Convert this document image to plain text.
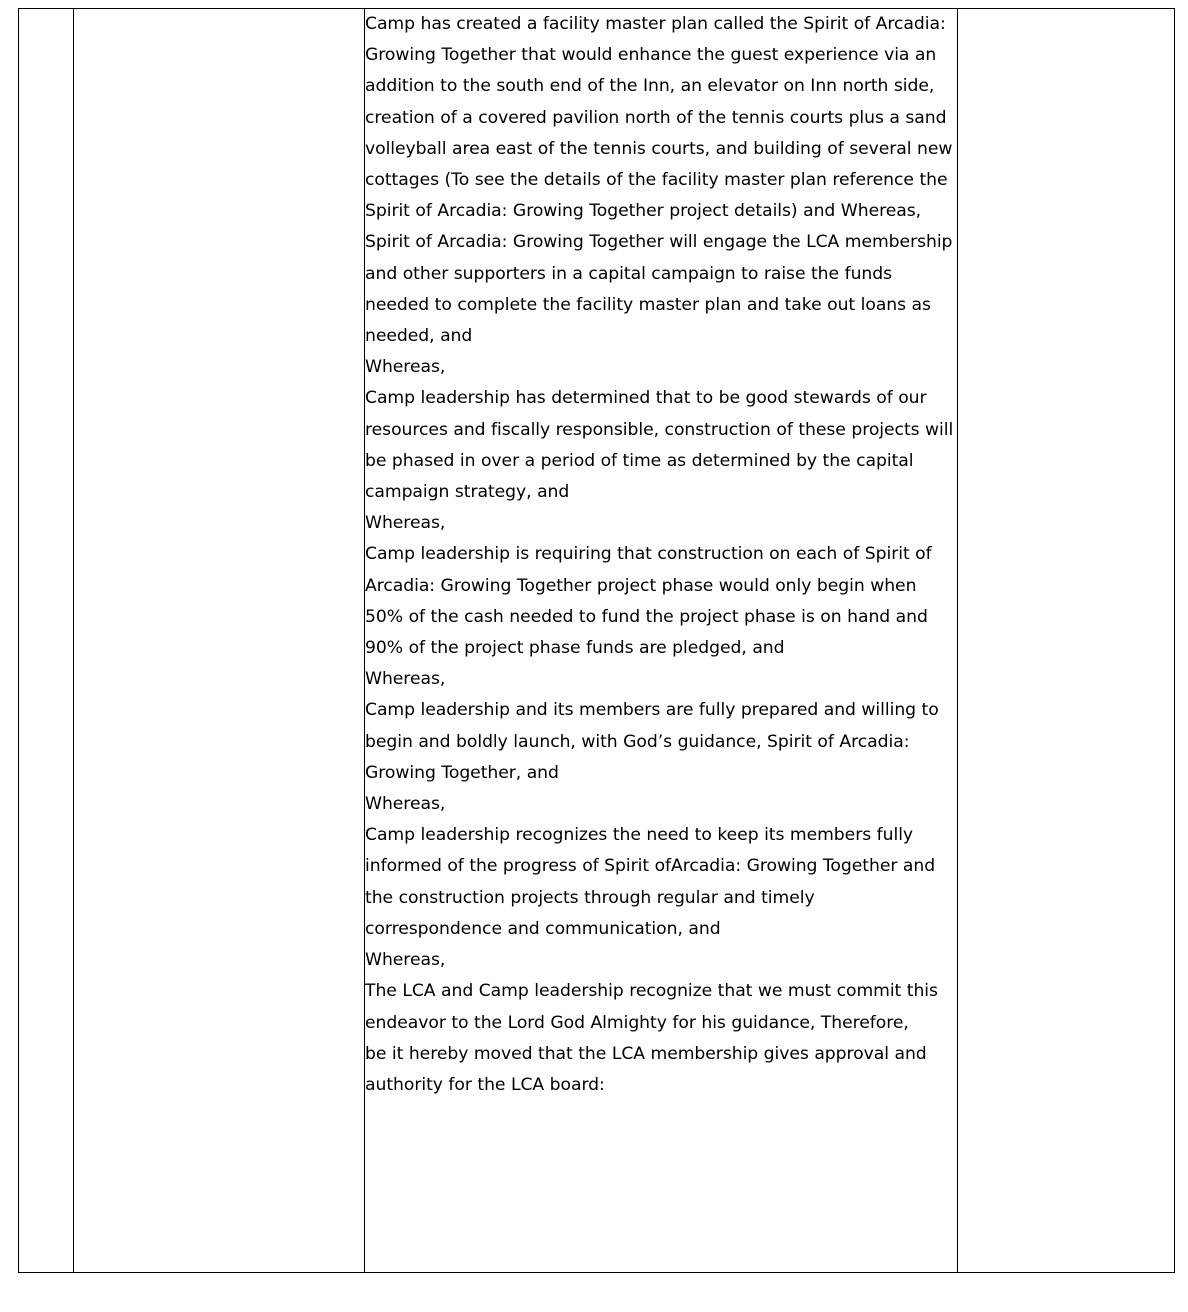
Camp has created a facility master plan called the Spirit of Arcadia: Growing Together that would enhance the guest experience via an addition to the south end of the Inn, an elevator on Inn north side, creation of a covered pavilion north of the tennis courts plus a sand volleyball area east of the tennis courts, and building of several new cottages (To see the details of the facility master plan reference the Spirit of Arcadia: Growing Together project details) and Whereas,

Spirit of Arcadia: Growing Together will engage the LCA membership and other supporters in a capital campaign to raise the funds needed to complete the facility master plan and take out loans as needed, and

Whereas,

Camp leadership has determined that to be good stewards of our resources and fiscally responsible, construction of these projects will be phased in over a period of time as determined by the capital campaign strategy, and

Whereas,

Camp leadership is requiring that construction on each of Spirit of Arcadia: Growing Together project phase would only begin when 50% of the cash needed to fund the project phase is on hand and 90% of the project phase funds are pledged, and

Whereas,

Camp leadership and its members are fully prepared and willing to begin and boldly launch, with God’s guidance, Spirit of Arcadia: Growing Together, and

Whereas,

Camp leadership recognizes the need to keep its members fully informed of the progress of Spirit ofArcadia: Growing Together and the construction projects through regular and timely correspondence and communication, and

Whereas,

The LCA and Camp leadership recognize that we must commit this endeavor to the Lord God Almighty for his guidance, Therefore,

be it hereby moved that the LCA membership gives approval and authority for the LCA board:
